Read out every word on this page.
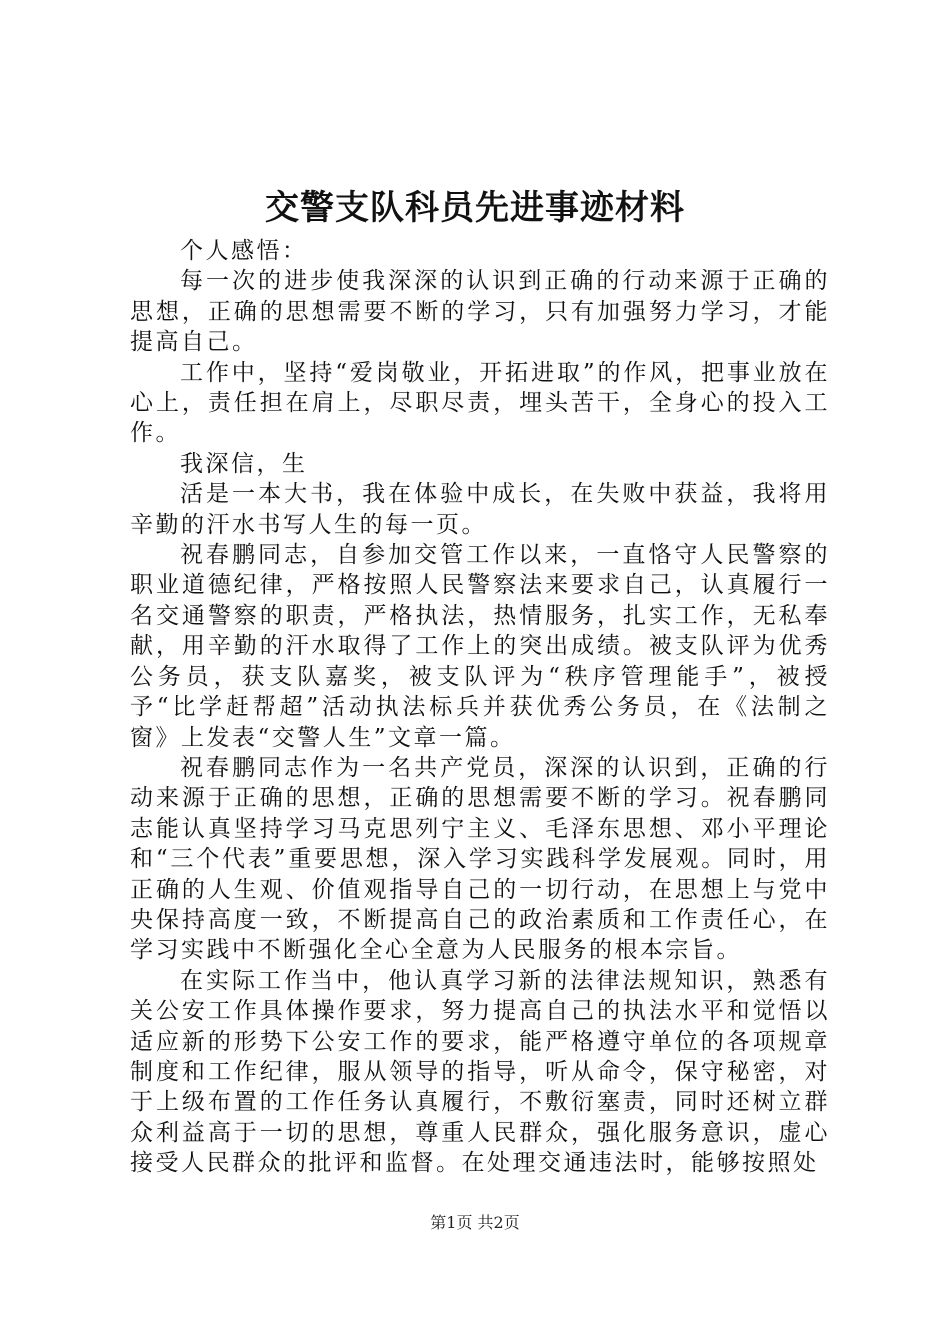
交警支队科员先进事迹材料

个人感悟：

每一次的进步使我深深的认识到正确的行动来源于正确的思想，正确的思想需要不断的学习，只有加强努力学习，才能提高自己。

工作中，坚持“爱岗敬业，开拓进取”的作风，把事业放在心上，责任担在肩上，尽职尽责，埋头苦干，全身心的投入工作。

我深信，生

活是一本大书，我在体验中成长，在失败中获益，我将用辛勤的汗水书写人生的每一页。

祝春鹏同志，自参加交管工作以来，一直恪守人民警察的职业道德纪律，严格按照人民警察法来要求自己，认真履行一名交通警察的职责，严格执法，热情服务，扎实工作，无私奉献，用辛勤的汗水取得了工作上的突出成绩。被支队评为优秀公务员，获支队嘉奖，被支队评为“秩序管理能手”，被授予“比学赶帮超”活动执法标兵并获优秀公务员，在《法制之窗》上发表“交警人生”文章一篇。

祝春鹏同志作为一名共产党员，深深的认识到，正确的行动来源于正确的思想，正确的思想需要不断的学习。祝春鹏同志能认真坚持学习马克思列宁主义、毛泽东思想、邓小平理论和“三个代表”重要思想，深入学习实践科学发展观。同时，用正确的人生观、价值观指导自己的一切行动，在思想上与党中央保持高度一致，不断提高自己的政治素质和工作责任心，在学习实践中不断强化全心全意为人民服务的根本宗旨。

在实际工作当中，他认真学习新的法律法规知识，熟悉有关公安工作具体操作要求，努力提高自己的执法水平和觉悟以适应新的形势下公安工作的要求，能严格遵守单位的各项规章制度和工作纪律，服从领导的指导，听从命令，保守秘密，对于上级布置的工作任务认真履行，不敷衍塞责，同时还树立群众利益高于一切的思想，尊重人民群众，强化服务意识，虚心接受人民群众的批评和监督。在处理交通违法时，能够按照处

第1页 共2页
